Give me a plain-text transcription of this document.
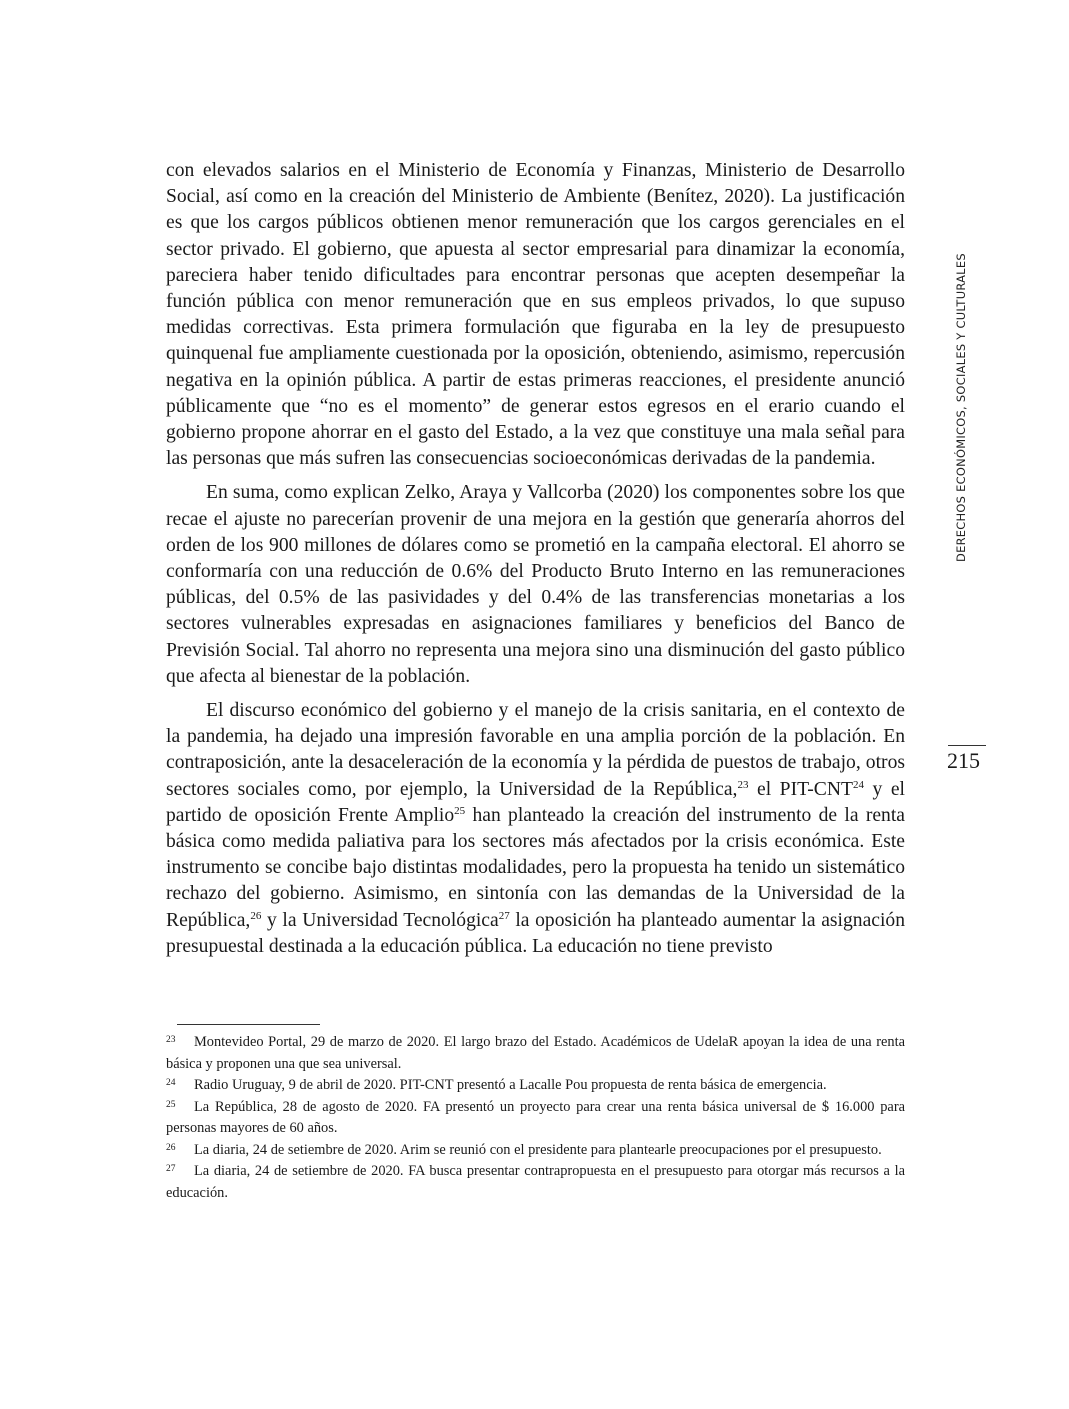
con elevados salarios en el Ministerio de Economía y Finanzas, Ministerio de Desarrollo Social, así como en la creación del Ministerio de Ambiente (Benítez, 2020). La justificación es que los cargos públicos obtienen menor remuneración que los cargos gerenciales en el sector privado. El gobierno, que apuesta al sector empresarial para dinamizar la economía, pareciera haber tenido dificultades para encontrar personas que acepten desempeñar la función pública con menor remuneración que en sus empleos privados, lo que supuso medidas correctivas. Esta primera formulación que figuraba en la ley de presupuesto quinquenal fue ampliamente cuestionada por la oposición, obteniendo, asimismo, repercusión negativa en la opinión pública. A partir de estas primeras reacciones, el presidente anunció públicamente que “no es el momento” de generar estos egresos en el erario cuando el gobierno propone ahorrar en el gasto del Estado, a la vez que constituye una mala señal para las personas que más sufren las consecuencias socioeconómicas derivadas de la pandemia.

En suma, como explican Zelko, Araya y Vallcorba (2020) los componentes sobre los que recae el ajuste no parecerían provenir de una mejora en la gestión que generaría ahorros del orden de los 900 millones de dólares como se prometió en la campaña electoral. El ahorro se conformaría con una reducción de 0.6% del Producto Bruto Interno en las remuneraciones públicas, del 0.5% de las pasividades y del 0.4% de las transferencias monetarias a los sectores vulnerables expresadas en asignaciones familiares y beneficios del Banco de Previsión Social. Tal ahorro no representa una mejora sino una disminución del gasto público que afecta al bienestar de la población.

El discurso económico del gobierno y el manejo de la crisis sanitaria, en el contexto de la pandemia, ha dejado una impresión favorable en una amplia porción de la población. En contraposición, ante la desaceleración de la economía y la pérdida de puestos de trabajo, otros sectores sociales como, por ejemplo, la Universidad de la República,$^{23}$ el PIT-CNT$^{24}$ y el partido de oposición Frente Amplio$^{25}$ han planteado la creación del instrumento de la renta básica como medida paliativa para los sectores más afectados por la crisis económica. Este instrumento se concibe bajo distintas modalidades, pero la propuesta ha tenido un sistemático rechazo del gobierno. Asimismo, en sintonía con las demandas de la Universidad de la República,$^{26}$ y la Universidad Tecnológica$^{27}$ la oposición ha planteado aumentar la asignación presupuestal destinada a la educación pública. La educación no tiene previsto

DERECHOS ECONÓMICOS, SOCIALES Y CULTURALES
215

23 Montevideo Portal, 29 de marzo de 2020. El largo brazo del Estado. Académicos de UdelaR apoyan la idea de una renta básica y proponen una que sea universal.

24 Radio Uruguay, 9 de abril de 2020. PIT-CNT presentó a Lacalle Pou propuesta de renta básica de emergencia.

25 La República, 28 de agosto de 2020. FA presentó un proyecto para crear una renta básica universal de $ 16.000 para personas mayores de 60 años.

26 La diaria, 24 de setiembre de 2020. Arim se reunió con el presidente para plantearle preocupaciones por el presupuesto.

27 La diaria, 24 de setiembre de 2020. FA busca presentar contrapropuesta en el presupuesto para otorgar más recursos a la educación.
